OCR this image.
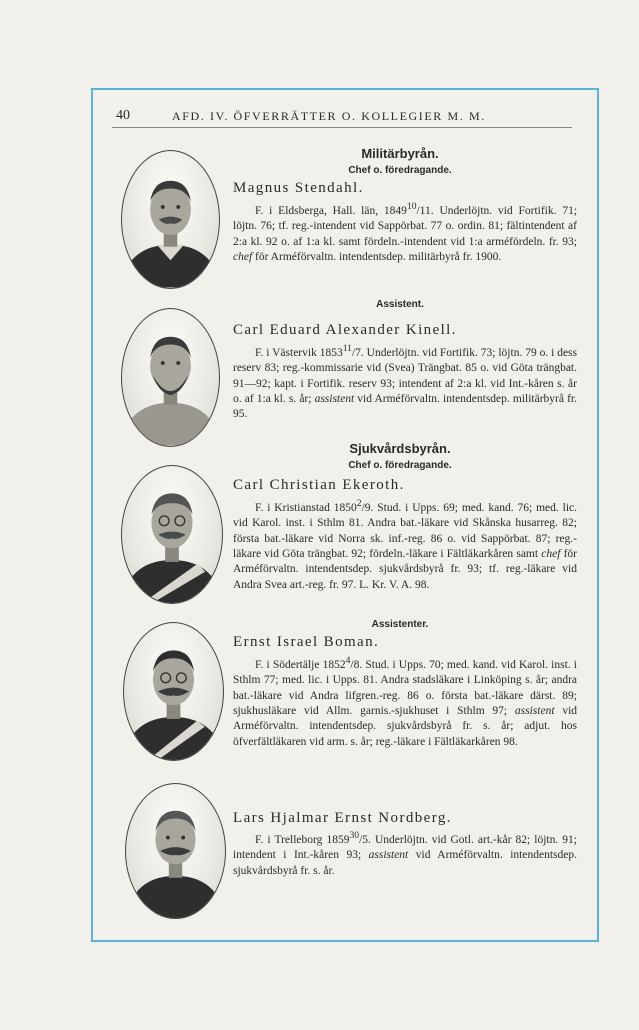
40	AFD. IV. ÖFVERRÄTTER O. KOLLEGIER M. M.
Militärbyrån.
Chef o. föredragande.
Magnus Stendahl.
F. i Eldsberga, Hall. län, 1849$^{10}$/11. Underlöjtn. vid Fortifik. 71; löjtn. 76; tf. reg.-intendent vid Sappörbat. 77 o. ordin. 81; fältintendent af 2:a kl. 92 o. af 1:a kl. samt fördeln.-intendent vid 1:a arméfördeln. fr. 93; chef för Arméförvaltn. intendentsdep. militärbyrå fr. 1900.
Assistent.
Carl Eduard Alexander Kinell.
F. i Västervik 1853$^{11}$/7. Underlöjtn. vid Fortifik. 73; löjtn. 79 o. i dess reserv 83; reg.-kommissarie vid (Svea) Trängbat. 85 o. vid Göta trängbat. 91—92; kapt. i Fortifik. reserv 93; intendent af 2:a kl. vid Int.-kåren s. år o. af 1:a kl. s. år; assistent vid Arméförvaltn. intendentsdep. militärbyrå fr. 95.
Sjukvårdsbyrån.
Chef o. föredragande.
Carl Christian Ekeroth.
F. i Kristianstad 1850$^2$/9. Stud. i Upps. 69; med. kand. 76; med. lic. vid Karol. inst. i Sthlm 81. Andra bat.-läkare vid Skånska husarreg. 82; första bat.-läkare vid Norra sk. inf.-reg. 86 o. vid Sappörbat. 87; reg.-läkare vid Göta trängbat. 92; fördeln.-läkare i Fältläkarkåren samt chef för Arméförvaltn. intendentsdep. sjukvårdsbyrå fr. 93; tf. reg.-läkare vid Andra Svea art.-reg. fr. 97. L. Kr. V. A. 98.
Assistenter.
Ernst Israel Boman.
F. i Södertälje 1852$^4$/8. Stud. i Upps. 70; med. kand. vid Karol. inst. i Sthlm 77; med. lic. i Upps. 81. Andra stadsläkare i Linköping s. år; andra bat.-läkare vid Andra lifgren.-reg. 86 o. första bat.-läkare därst. 89; sjukhusläkare vid Allm. garnis.-sjukhuset i Sthlm 97; assistent vid Arméförvaltn. intendentsdep. sjukvårdsbyrå fr. s. år; adjut. hos öfverfältläkaren vid arm. s. år; reg.-läkare i Fältläkarkåren 98.
Lars Hjalmar Ernst Nordberg.
F. i Trelleborg 1859$^{30}$/5. Underlöjtn. vid Gotl. art.-kår 82; löjtn. 91; intendent i Int.-kåren 93; assistent vid Arméförvaltn. intendentsdep. sjukvårdsbyrå fr. s. år.
